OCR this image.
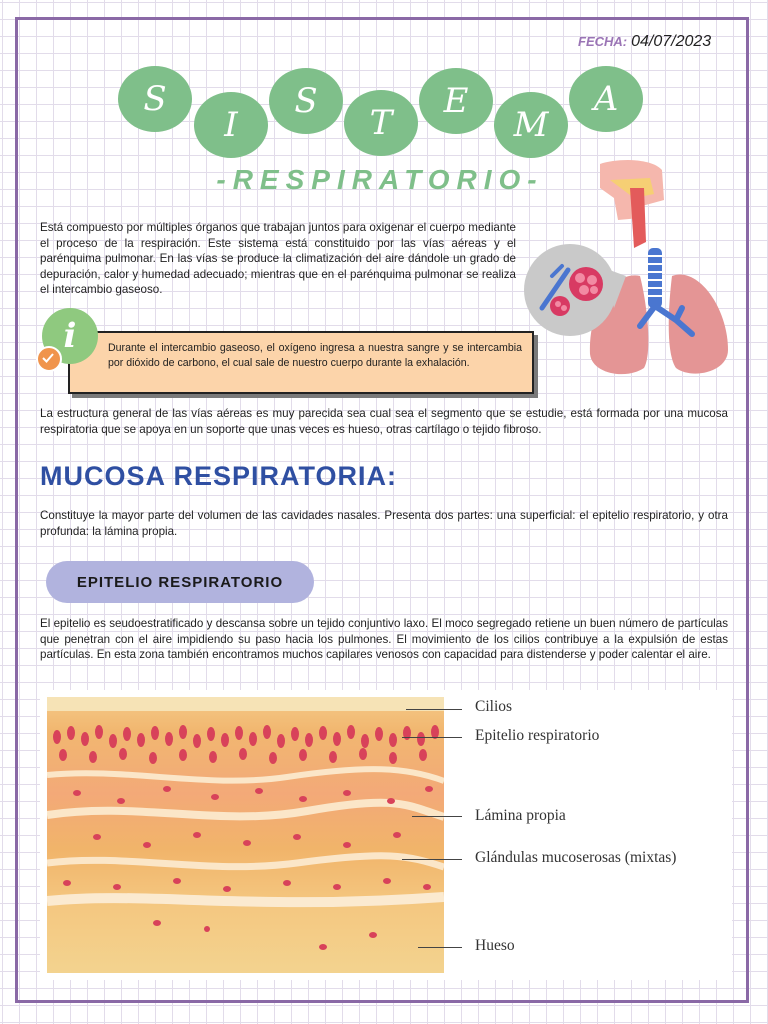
FECHA: 04/07/2023
S
I
S
T
E
M
A
-RESPIRATORIO-
Está compuesto por múltiples órganos que trabajan juntos para oxigenar el cuerpo mediante el proceso de la respiración. Este sistema está constituido por las vías aéreas y el parénquima pulmonar. En las vías se produce la climatización del aire dándole un grado de depuración, calor y humedad adecuado; mientras que en el parénquima pulmonar se realiza el intercambio gaseoso.
Durante el intercambio gaseoso, el oxígeno ingresa a nuestra sangre y se intercambia por dióxido de carbono, el cual sale de nuestro cuerpo durante la exhalación.
i
La estructura general de las vías aéreas es muy parecida sea cual sea el segmento que se estudie, está formada por una mucosa respiratoria que se apoya en un soporte que unas veces es hueso, otras cartílago o tejido fibroso.
MUCOSA RESPIRATORIA:
Constituye la mayor parte del volumen de las cavidades nasales. Presenta dos partes: una superficial: el epitelio respiratorio, y otra profunda: la lámina propia.
EPITELIO RESPIRATORIO
El epitelio es seudoestratificado y descansa sobre un tejido conjuntivo laxo. El moco segregado retiene un buen número de partículas que penetran con el aire impidiendo su paso hacia los pulmones. El movimiento de los cilios contribuye a la expulsión de estas partículas. En esta zona también encontramos muchos capilares venosos con capacidad para distenderse y poder calentar el aire.
Cilios
Epitelio respiratorio
Lámina propia
Glándulas mucoserosas (mixtas)
Hueso
